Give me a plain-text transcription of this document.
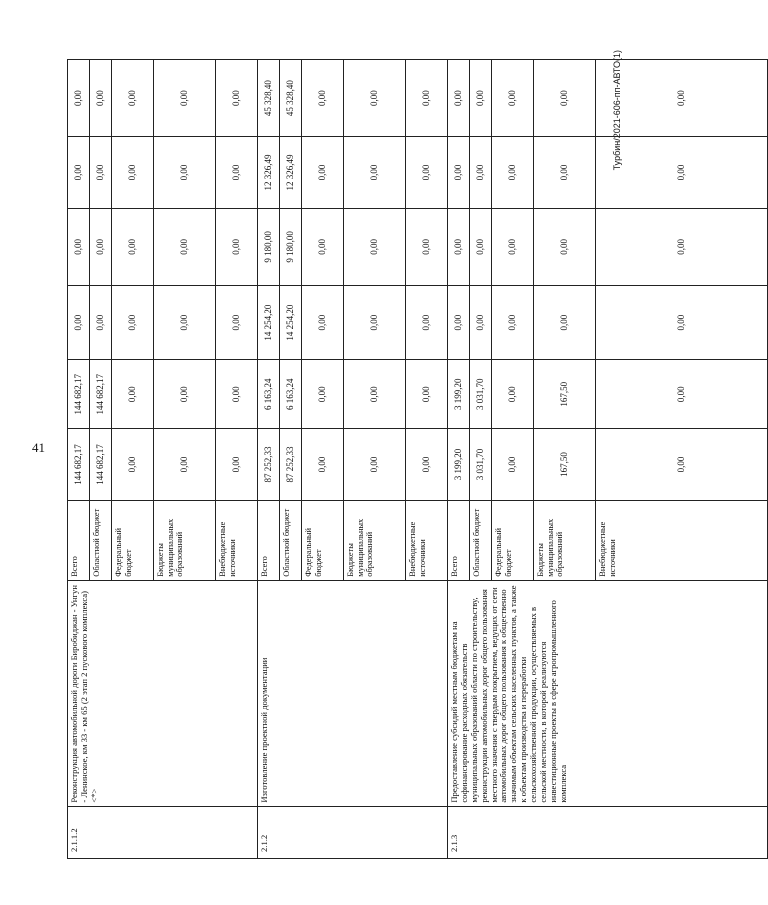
41
Турбин/2021-606-пп-АВТО(1)
2.1.1.2	Реконструкция автомобильной дороги Биробиджан - Унгун - Ленинское, км 33 - км 65 (2 этап 2 пускового комплекса) <*>	Всего	144 682,17	144 682,17	0,00	0,00	0,00	0,00
		Областной бюджет	144 682,17	144 682,17	0,00	0,00	0,00	0,00
		Федеральный бюджет	0,00	0,00	0,00	0,00	0,00	0,00
		Бюджеты муниципальных образований	0,00	0,00	0,00	0,00	0,00	0,00
		Внебюджетные источники	0,00	0,00	0,00	0,00	0,00	0,00
2.1.2	Изготовление проектной документации	Всего	87 252,33	6 163,24	14 254,20	9 180,00	12 326,49	45 328,40
		Областной бюджет	87 252,33	6 163,24	14 254,20	9 180,00	12 326,49	45 328,40
		Федеральный бюджет	0,00	0,00	0,00	0,00	0,00	0,00
		Бюджеты муниципальных образований	0,00	0,00	0,00	0,00	0,00	0,00
		Внебюджетные источники	0,00	0,00	0,00	0,00	0,00	0,00
2.1.3	Предоставление субсидий местным бюджетам на софинансирование расходных обязательств муниципальных образований области по строительству, реконструкции автомобильных дорог общего пользования местного значения с твердым покрытием, ведущих от сети автомобильных дорог общего пользования к общественно значимым объектам сельских населенных пунктов, а также к объектам производства и переработки сельскохозяйственной продукции, осуществляемых в сельской местности, в которой реализуются инвестиционные проекты в сфере агропромышленного комплекса	Всего	3 199,20	3 199,20	0,00	0,00	0,00	0,00
		Областной бюджет	3 031,70	3 031,70	0,00	0,00	0,00	0,00
		Федеральный бюджет	0,00	0,00	0,00	0,00	0,00	0,00
		Бюджеты муниципальных образований	167,50	167,50	0,00	0,00	0,00	0,00
		Внебюджетные источники	0,00	0,00	0,00	0,00	0,00	0,00
